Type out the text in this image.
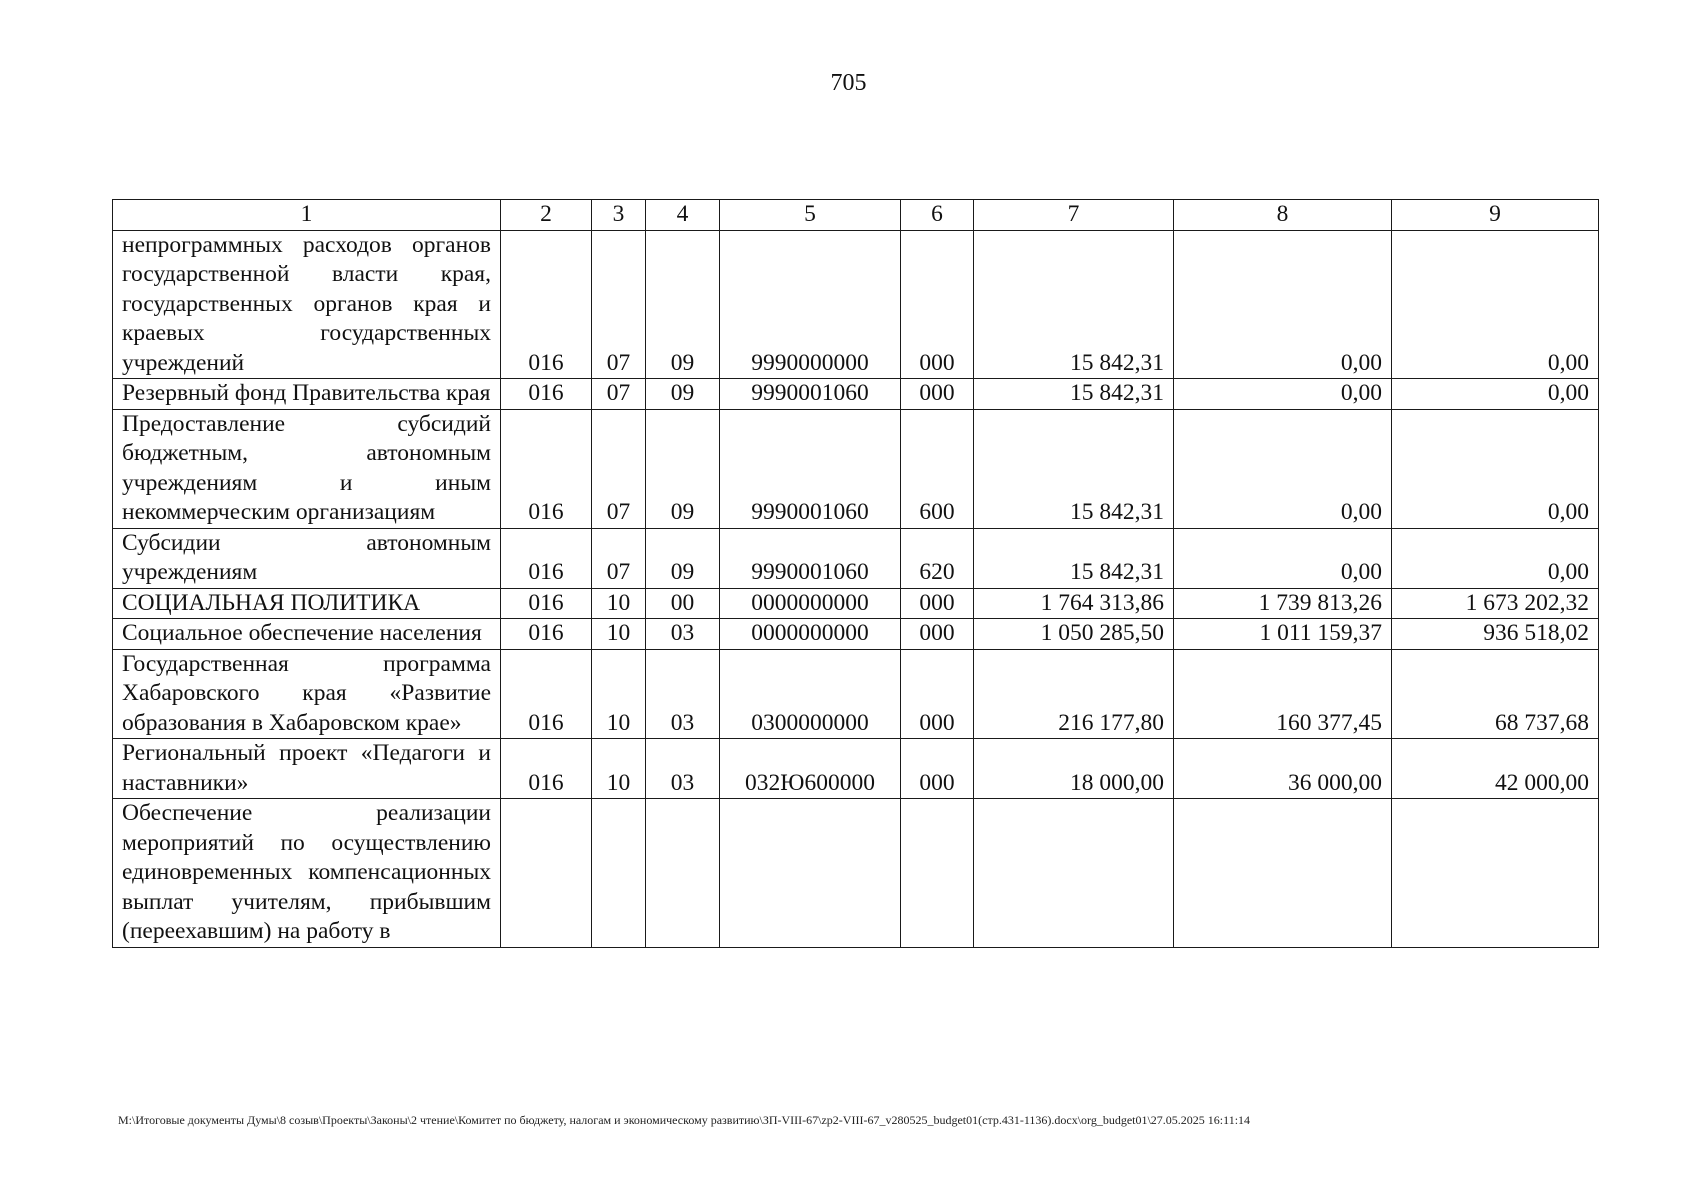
705
1	2	3	4	5	6	7	8	9
непрограммных расходов органов государственной власти края, государственных органов края и краевых государственных учреждений	016	07	09	9990000000	000	15 842,31	0,00	0,00
Резервный фонд Правительства края	016	07	09	9990001060	000	15 842,31	0,00	0,00
Предоставление субсидий бюджетным, автономным учреждениям и иным некоммерческим организациям	016	07	09	9990001060	600	15 842,31	0,00	0,00
Субсидии автономным учреждениям	016	07	09	9990001060	620	15 842,31	0,00	0,00
СОЦИАЛЬНАЯ ПОЛИТИКА	016	10	00	0000000000	000	1 764 313,86	1 739 813,26	1 673 202,32
Социальное обеспечение населения	016	10	03	0000000000	000	1 050 285,50	1 011 159,37	936 518,02
Государственная программа Хабаровского края «Развитие образования в Хабаровском крае»	016	10	03	0300000000	000	216 177,80	160 377,45	68 737,68
Региональный проект «Педагоги и наставники»	016	10	03	032Ю600000	000	18 000,00	36 000,00	42 000,00
Обеспечение реализации мероприятий по осуществлению единовременных компенсационных выплат учителям, прибывшим (переехавшим) на работу в								
M:\Итоговые документы Думы\8 созыв\Проекты\Законы\2 чтение\Комитет по бюджету, налогам и экономическому развитию\ЗП-VIII-67\zp2-VIII-67_v280525_budget01(стр.431-1136).docx\org_budget01\27.05.2025 16:11:14
